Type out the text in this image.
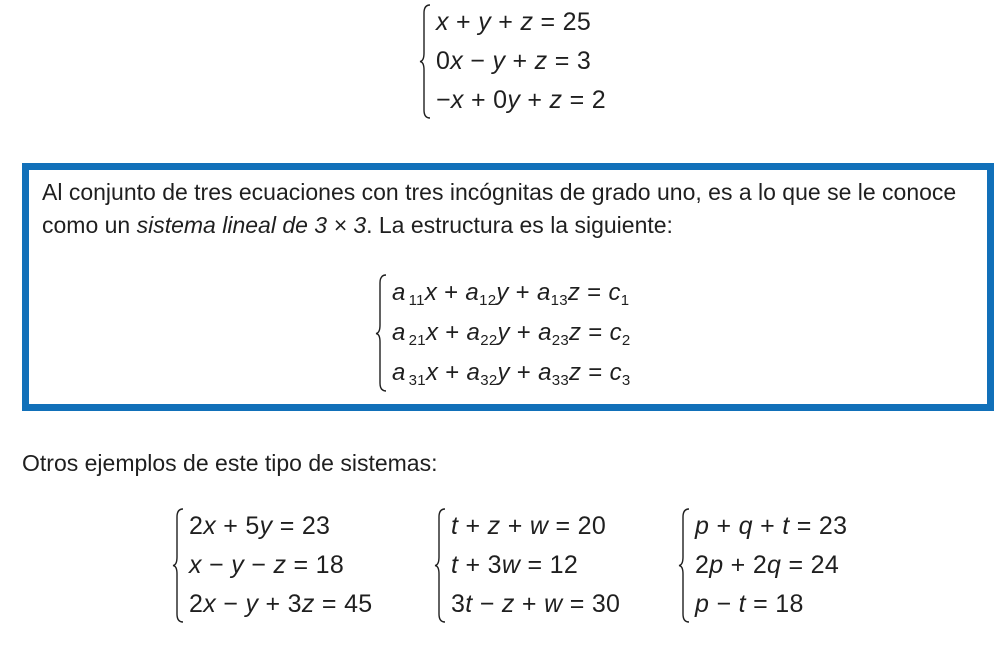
x + y + z = 25
0x − y + z = 3
−x + 0y + z = 2
Al conjunto de tres ecuaciones con tres incógnitas de grado uno, es a lo que se le conoce como un sistema lineal de 3 × 3. La estructura es la siguiente:
a $_{11}x + a_{12}y + a_{13}z = c_1$
a $_{21}x + a_{22}y + a_{23}z = c_2$
a $_{31}x + a_{32}y + a_{33}z = c_3$
Otros ejemplos de este tipo de sistemas:
2x + 5y = 23
x − y − z = 18
2x − y + 3z = 45
t + z + w = 20
t + 3w = 12
3t − z + w = 30
p + q + t = 23
2p + 2q = 24
p − t = 18
